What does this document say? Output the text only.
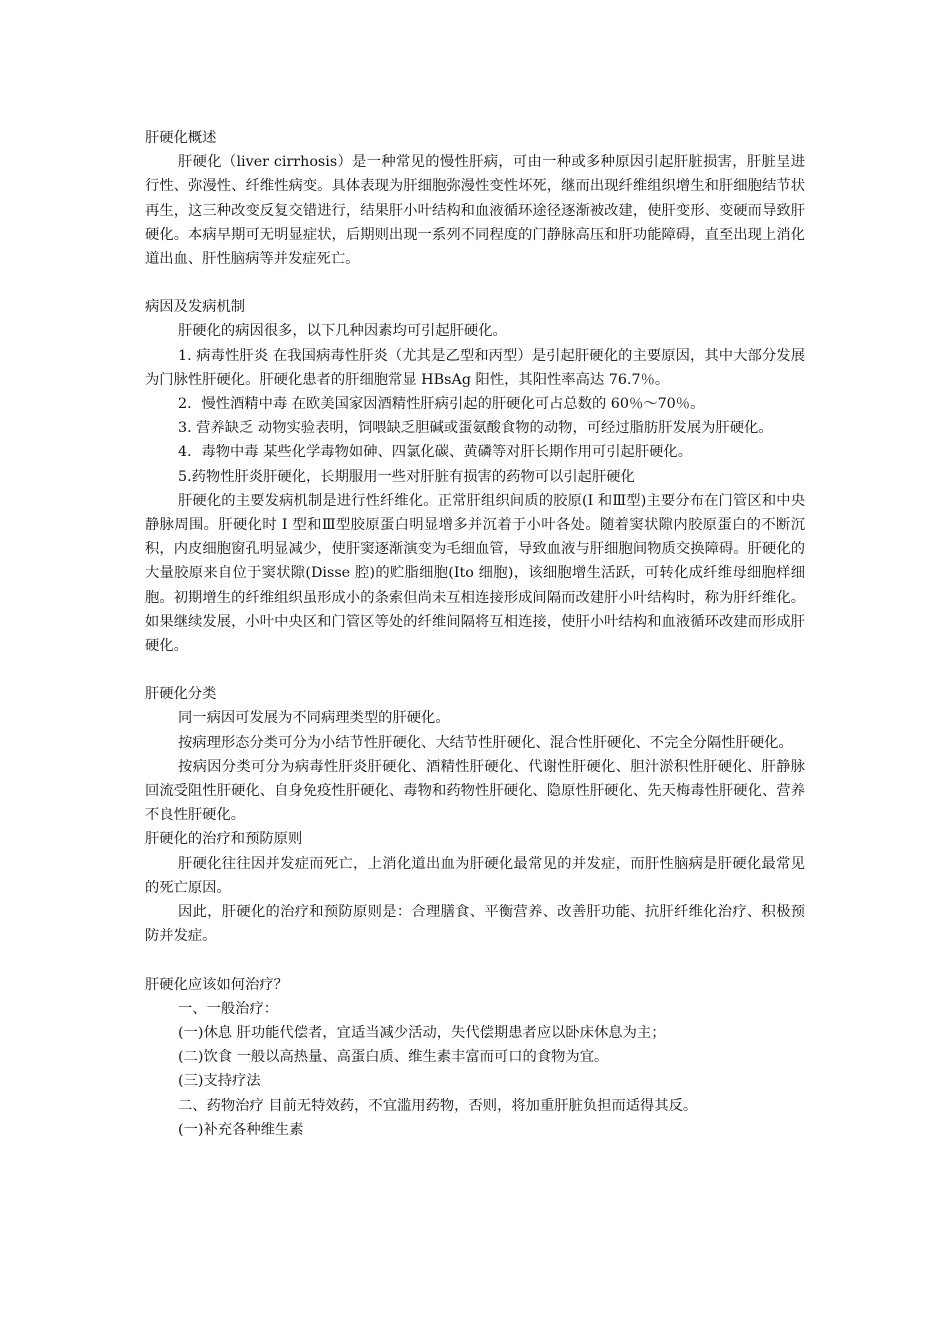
肝硬化概述

肝硬化（liver cirrhosis）是一种常见的慢性肝病，可由一种或多种原因引起肝脏损害，肝脏呈进行性、弥漫性、纤维性病变。具体表现为肝细胞弥漫性变性坏死，继而出现纤维组织增生和肝细胞结节状再生，这三种改变反复交错进行，结果肝小叶结构和血液循环途径逐渐被改建，使肝变形、变硬而导致肝硬化。本病早期可无明显症状，后期则出现一系列不同程度的门静脉高压和肝功能障碍，直至出现上消化道出血、肝性脑病等并发症死亡。

病因及发病机制

肝硬化的病因很多，以下几种因素均可引起肝硬化。

1. 病毒性肝炎 在我国病毒性肝炎（尤其是乙型和丙型）是引起肝硬化的主要原因，其中大部分发展为门脉性肝硬化。肝硬化患者的肝细胞常显 HBsAg 阳性，其阳性率高达 76.7％。

2．慢性酒精中毒 在欧美国家因酒精性肝病引起的肝硬化可占总数的 60％～70％。

3. 营养缺乏 动物实验表明，饲喂缺乏胆碱或蛋氨酸食物的动物，可经过脂肪肝发展为肝硬化。

4．毒物中毒 某些化学毒物如砷、四氯化碳、黄磷等对肝长期作用可引起肝硬化。

5.药物性肝炎肝硬化，长期服用一些对肝脏有损害的药物可以引起肝硬化

肝硬化的主要发病机制是进行性纤维化。正常肝组织间质的胶原(I 和Ⅲ型)主要分布在门管区和中央静脉周围。肝硬化时 I 型和Ⅲ型胶原蛋白明显增多并沉着于小叶各处。随着窦状隙内胶原蛋白的不断沉积，内皮细胞窗孔明显减少，使肝窦逐渐演变为毛细血管，导致血液与肝细胞间物质交换障碍。肝硬化的大量胶原来自位于窦状隙(Disse 腔)的贮脂细胞(Ito 细胞)，该细胞增生活跃，可转化成纤维母细胞样细胞。初期增生的纤维组织虽形成小的条索但尚未互相连接形成间隔而改建肝小叶结构时，称为肝纤维化。如果继续发展，小叶中央区和门管区等处的纤维间隔将互相连接，使肝小叶结构和血液循环改建而形成肝硬化。

肝硬化分类

同一病因可发展为不同病理类型的肝硬化。

按病理形态分类可分为小结节性肝硬化、大结节性肝硬化、混合性肝硬化、不完全分隔性肝硬化。

按病因分类可分为病毒性肝炎肝硬化、酒精性肝硬化、代谢性肝硬化、胆汁淤积性肝硬化、肝静脉回流受阻性肝硬化、自身免疫性肝硬化、毒物和药物性肝硬化、隐原性肝硬化、先天梅毒性肝硬化、营养不良性肝硬化。

肝硬化的治疗和预防原则

肝硬化往往因并发症而死亡，上消化道出血为肝硬化最常见的并发症，而肝性脑病是肝硬化最常见的死亡原因。

因此，肝硬化的治疗和预防原则是：合理膳食、平衡营养、改善肝功能、抗肝纤维化治疗、积极预防并发症。

肝硬化应该如何治疗？

一、一般治疗：

(一)休息 肝功能代偿者，宜适当减少活动，失代偿期患者应以卧床休息为主；

(二)饮食 一般以高热量、高蛋白质、维生素丰富而可口的食物为宜。

(三)支持疗法

二、药物治疗 目前无特效药，不宜滥用药物，否则，将加重肝脏负担而适得其反。

(一)补充各种维生素
